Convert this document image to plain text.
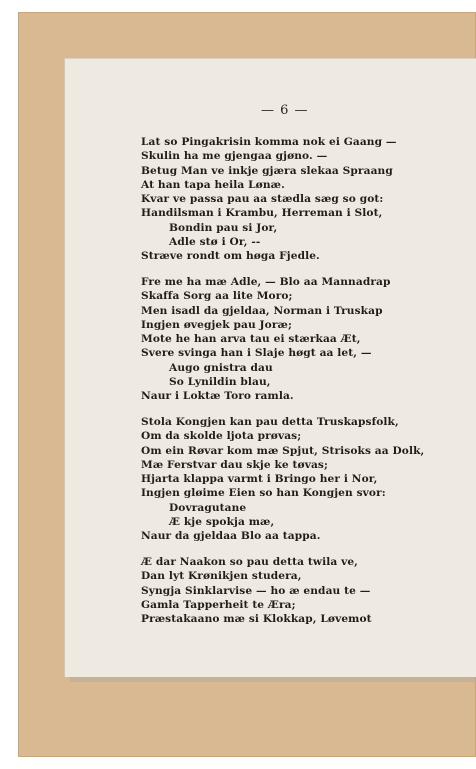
— 6 —
Lat so Pingakrisin komma nok ei Gaang —
Skulin ha me gjengaa gjøno. —
Betug Man ve inkje gjæra slekaa Spraang
At han tapa heila Lønæ.
Kvar ve passa pau aa stædla sæg so got:
Handilsman i Krambu, Herreman i Slot,
Bondin pau si Jor,
Adle stø i Or, --
Stræve rondt om høga Fjedle.
Fre me ha mæ Adle, — Blo aa Mannadrap
Skaffa Sorg aa lite Moro;
Men isadl da gjeldaa, Norman i Truskap
Ingjen øvegjek pau Joræ;
Mote he han arva tau ei stærkaa Æt,
Svere svinga han i Slaje høgt aa let, —
Augo gnistra dau
So Lynildin blau,
Naur i Loktæ Toro ramla.
Stola Kongjen kan pau detta Truskapsfolk,
Om da skolde ljota prøvas;
Om ein Røvar kom mæ Spjut, Strisoks aa Dolk,
Mæ Ferstvar dau skje ke tøvas;
Hjarta klappa varmt i Bringo her i Nor,
Ingjen gløime Eien so han Kongjen svor:
Dovragutane
Æ kje spokja mæ,
Naur da gjeldaa Blo aa tappa.
Æ dar Naakon so pau detta twila ve,
Dan lyt Krønikjen studera,
Syngja Sinklarvise — ho æ endau te —
Gamla Tapperheit te Æra;
Præstakaano mæ si Klokkap, Løvemot
